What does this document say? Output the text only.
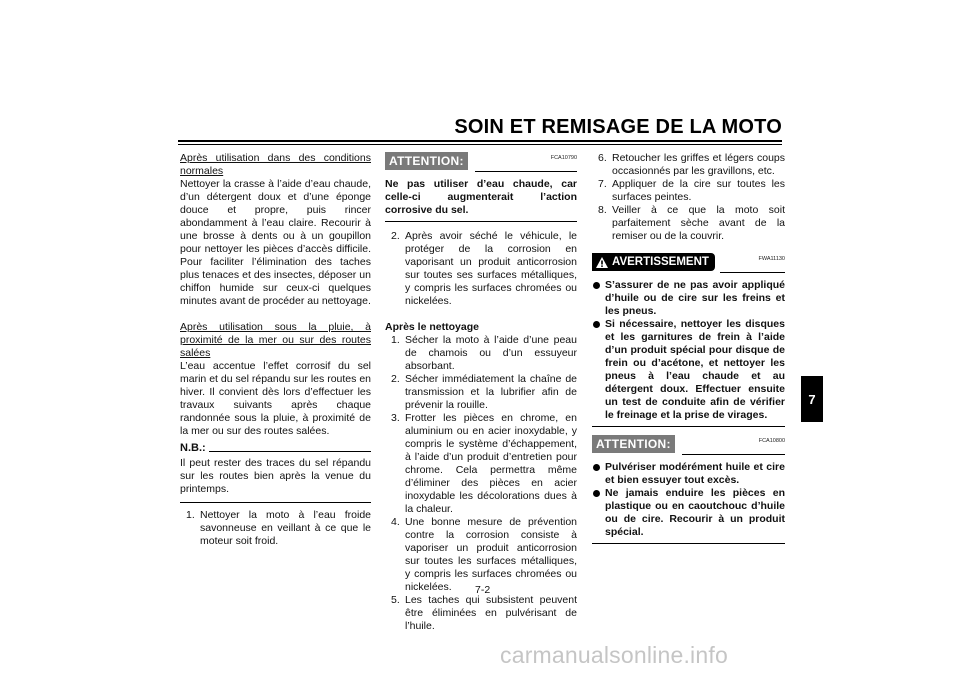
SOIN ET REMISAGE DE LA MOTO

Après utilisation dans des conditions normales

Nettoyer la crasse à l’aide d’eau chaude, d’un détergent doux et d’une éponge douce et propre, puis rincer abondamment à l’eau claire. Recourir à une brosse à dents ou à un goupillon pour nettoyer les pièces d’accès difficile. Pour faciliter l’élimination des taches plus tenaces et des insectes, déposer un chiffon humide sur ceux-ci quelques minutes avant de procéder au nettoyage.

Après utilisation sous la pluie, à proximité de la mer ou sur des routes salées

L’eau accentue l’effet corrosif du sel marin et du sel répandu sur les routes en hiver. Il convient dès lors d’effectuer les travaux suivants après chaque randonnée sous la pluie, à proximité de la mer ou sur des routes salées.

N.B.:

Il peut rester des traces du sel répandu sur les routes bien après la venue du printemps.

1. Nettoyer la moto à l’eau froide savonneuse en veillant à ce que le moteur soit froid.
ATTENTION:	FCA10790

Ne pas utiliser d’eau chaude, car celle-ci augmenterait l’action corrosive du sel.

2. Après avoir séché le véhicule, le protéger de la corrosion en vaporisant un produit anticorrosion sur toutes ses surfaces métalliques, y compris les surfaces chromées ou nickelées.

Après le nettoyage

1. Sécher la moto à l’aide d’une peau de chamois ou d’un essuyeur absorbant.
2. Sécher immédiatement la chaîne de transmission et la lubrifier afin de prévenir la rouille.
3. Frotter les pièces en chrome, en aluminium ou en acier inoxydable, y compris le système d’échappement, à l’aide d’un produit d’entretien pour chrome. Cela permettra même d’éliminer des pièces en acier inoxydable les décolorations dues à la chaleur.
4. Une bonne mesure de prévention contre la corrosion consiste à vaporiser un produit anticorrosion sur toutes les surfaces métalliques, y compris les surfaces chromées ou nickelées.
5. Les taches qui subsistent peuvent être éliminées en pulvérisant de l’huile.
6. Retoucher les griffes et légers coups occasionnés par les gravillons, etc.
7. Appliquer de la cire sur toutes les surfaces peintes.
8. Veiller à ce que la moto soit parfaitement sèche avant de la remiser ou de la couvrir.
AVERTISSEMENT	FWA11130
S’assurer de ne pas avoir appliqué d’huile ou de cire sur les freins et les pneus.
Si nécessaire, nettoyer les disques et les garnitures de frein à l’aide d’un produit spécial pour disque de frein ou d’acétone, et nettoyer les pneus à l’eau chaude et au détergent doux. Effectuer ensuite un test de conduite afin de vérifier le freinage et la prise de virages.
ATTENTION:	FCA10800
Pulvériser modérément huile et cire et bien essuyer tout excès.
Ne jamais enduire les pièces en plastique ou en caoutchouc d’huile ou de cire. Recourir à un produit spécial.
7
7-2
carmanualsonline.info
